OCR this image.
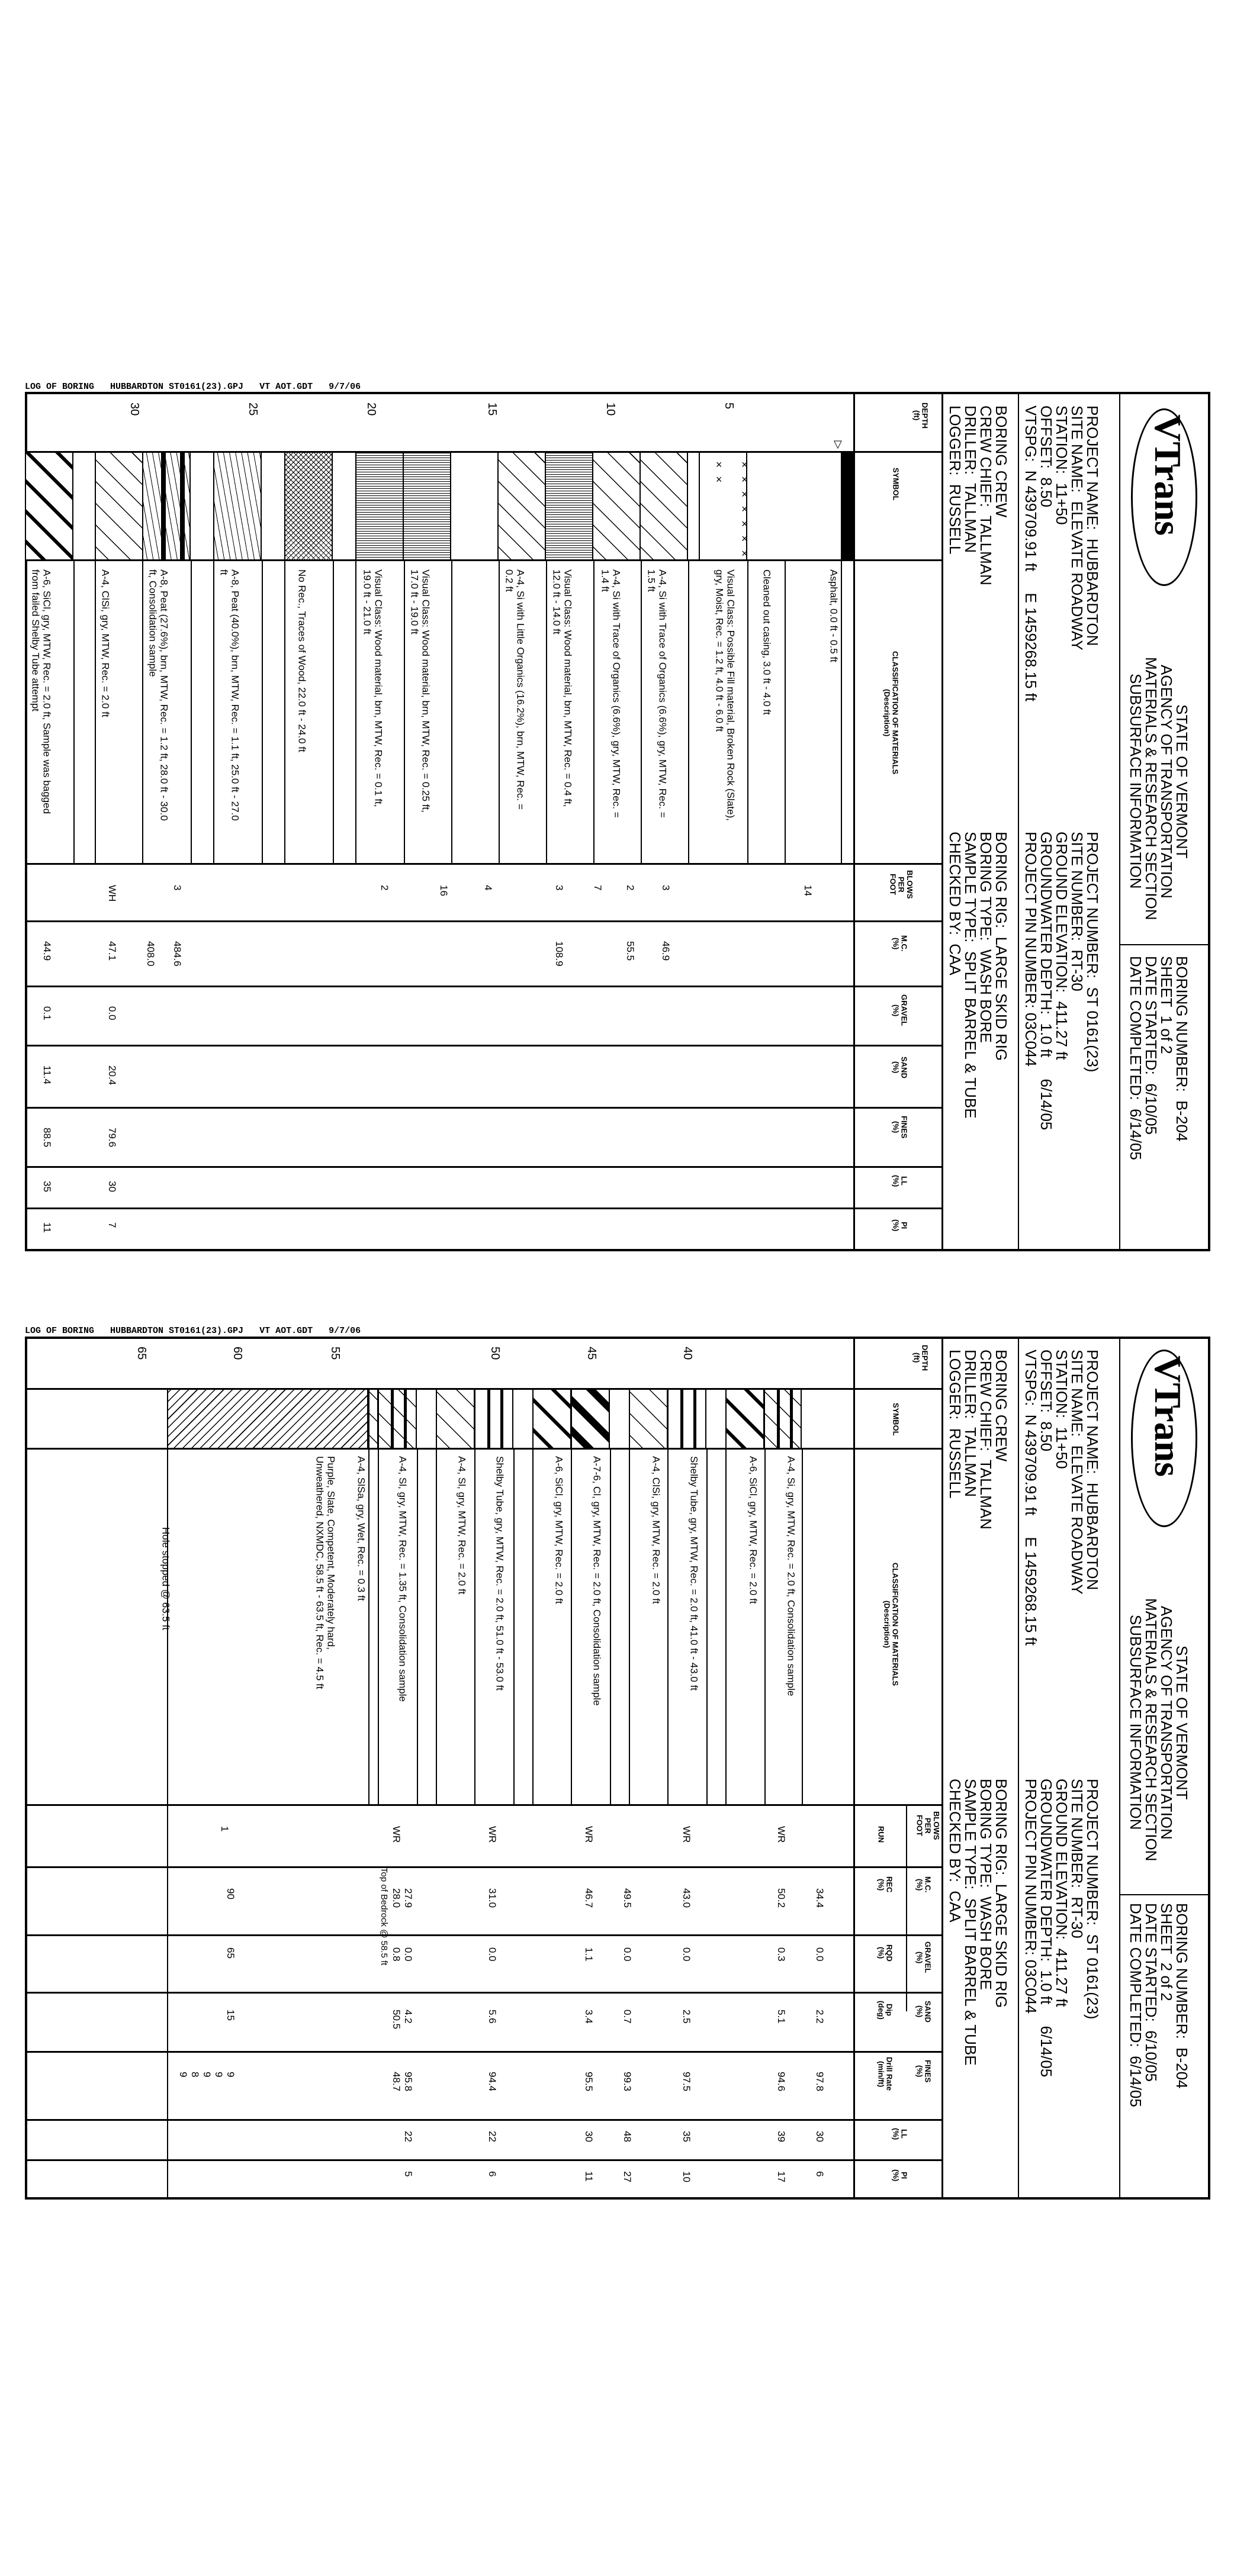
LOG OF BORING   HUBBARDTON ST0161(23).GPJ   VT AOT.GDT   9/7/06
VTrans
STATE OF VERMONT
AGENCY OF TRANSPORTATION
MATERIALS & RESEARCH SECTION
SUBSURFACE INFORMATION
BORING NUMBER:  B-204
SHEET  1 of 2
DATE STARTED:  6/10/05
DATE COMPLETED:  6/14/05
PROJECT NAME:  HUBBARDTON
SITE NAME:  ELEVATE ROADWAY
STATION:  11+50
OFFSET:  8.50
VTSPG:  N 439709.91 ft     E 1459268.15 ft
PROJECT NUMBER:  ST 0161(23)
SITE NUMBER:  RT-30
GROUND ELEVATION:  411.27 ft
GROUNDWATER DEPTH:  1.0 ft     6/14/05
PROJECT PIN NUMBER: 03C044
BORING CREW
CREW CHIEF:  TALLMAN
DRILLER:  TALLMAN
LOGGER:  RUSSELL
BORING RIG:  LARGE SKID RIG
BORING TYPE:  WASH BORE
SAMPLE TYPE:  SPLIT BARREL & TUBE
CHECKED BY:  CAA
DEPTH
(ft)
SYMBOL
CLASSIFICATION OF MATERIALS
(Description)
BLOWS
PER
FOOT
M.C.
(%)
GRAVEL
(%)
SAND
(%)
FINES
(%)
LL
(%)
PI
(%)
5
10
15
20
25
30
▽
× × × × × × × × ×
Asphalt, 0.0 ft - 0.5 ft
Cleaned out casing, 3.0 ft - 4.0 ft
Visual Class: Possible Fill material, Broken Rock (Slate),
gry, Moist, Rec. = 1.2 ft, 4.0 ft - 6.0 ft
A-4, Si with Trace of Organics (6.6%), gry, MTW, Rec. =
1.5 ft
A-4, Si with Trace of Organics (6.6%), gry, MTW, Rec. =
1.4 ft
Visual Class: Wood material, brn, MTW, Rec. = 0.4 ft,
12.0 ft - 14.0 ft
A-4, Si with Little Organics (16.2%), brn, MTW, Rec. =
0.2 ft
Visual Class: Wood material, brn, MTW, Rec. = 0.25 ft,
17.0 ft - 19.0 ft
Visual Class: Wood material, brn, MTW, Rec. = 0.1 ft,
19.0 ft - 21.0 ft
No Rec., Traces of Wood, 22.0 ft - 24.0 ft
A-8, Peat (40.0%), brn, MTW, Rec. = 1.1 ft, 25.0 ft - 27.0
ft
A-8, Peat (27.6%), brn, MTW, Rec. = 1.2 ft, 28.0 ft - 30.0
ft, Consolidation sample
A-4, ClSi, gry, MTW, Rec. = 2.0 ft
A-6, SiCl, gry, MTW, Rec. = 2.0 ft, Sample was bagged
from failed Shelby Tube attempt
14
3
2
7
3
4
16
2
3
WH
46.9
55.5
108.9
484.6
408.0
47.1
44.9
0.0
0.1
20.4
11.4
79.6
88.5
30
35
7
11
LOG OF BORING   HUBBARDTON ST0161(23).GPJ   VT AOT.GDT   9/7/06
VTrans
STATE OF VERMONT
AGENCY OF TRANSPORTATION
MATERIALS & RESEARCH SECTION
SUBSURFACE INFORMATION
BORING NUMBER:  B-204
SHEET  2 of 2
DATE STARTED:  6/10/05
DATE COMPLETED:  6/14/05
PROJECT NAME:  HUBBARDTON
SITE NAME:  ELEVATE ROADWAY
STATION:  11+50
OFFSET:  8.50
VTSPG:  N 439709.91 ft     E 1459268.15 ft
PROJECT NUMBER:  ST 0161(23)
SITE NUMBER:  RT-30
GROUND ELEVATION:  411.27 ft
GROUNDWATER DEPTH:  1.0 ft     6/14/05
PROJECT PIN NUMBER: 03C044
BORING CREW
CREW CHIEF:  TALLMAN
DRILLER:  TALLMAN
LOGGER:  RUSSELL
BORING RIG:  LARGE SKID RIG
BORING TYPE:  WASH BORE
SAMPLE TYPE:  SPLIT BARREL & TUBE
CHECKED BY:  CAA
DEPTH
(ft)
SYMBOL
CLASSIFICATION OF MATERIALS
(Description)
BLOWS
PER
FOOT
RUN
M.C.
(%)
REC
(%)
GRAVEL
(%)
RQD
(%)
SAND
(%)
Dip
(deg)
FINES
(%)
Drill Rate
(min/ft)
LL
(%)
PI
(%)
40
45
50
55
60
65
A-4, Si, gry, MTW, Rec. = 2.0 ft, Consolidation sample
A-6, SiCl, gry, MTW, Rec. = 2.0 ft
Shelby Tube, gry, MTW, Rec. = 2.0 ft, 41.0 ft - 43.0 ft
A-4, ClSi, gry, MTW, Rec. = 2.0 ft
A-7-6, Cl, gry, MTW, Rec. = 2.0 ft, Consolidation sample
A-6, SiCl, gry, MTW, Rec. = 2.0 ft
Shelby Tube, gry, MTW, Rec. = 2.0 ft, 51.0 ft - 53.0 ft
A-4, Sl, gry, MTW, Rec. = 2.0 ft
A-4, Sl, gry, MTW, Rec. = 1.35 ft, Consolidation sample
A-4, SlSa, gry, Wet, Rec. = 0.3 ft
Purple, Slate, Competent, Moderately hard,
Unweathered, NXMDC, 58.5 ft - 63.5 ft, Rec. = 4.5 ft
Hole stopped @ 63.5 ft
WR
WR
WR
WR
WR
1
34.4
50.2
43.0
49.5
46.7
31.0
27.9
28.0
90	Top of Bedrock @ 58.5 ft	0.0
0.3
0.0
0.0
1.1
0.0
0.0
0.8
65
2.2
5.1
2.5
0.7
3.4
5.6
4.2
50.5
15
97.8
94.6
97.5
99.3
95.5
94.4
95.8
48.7
9
9
9
8
9
30
39
35
48
30
22
22
6
17
10
27
11
6
5
